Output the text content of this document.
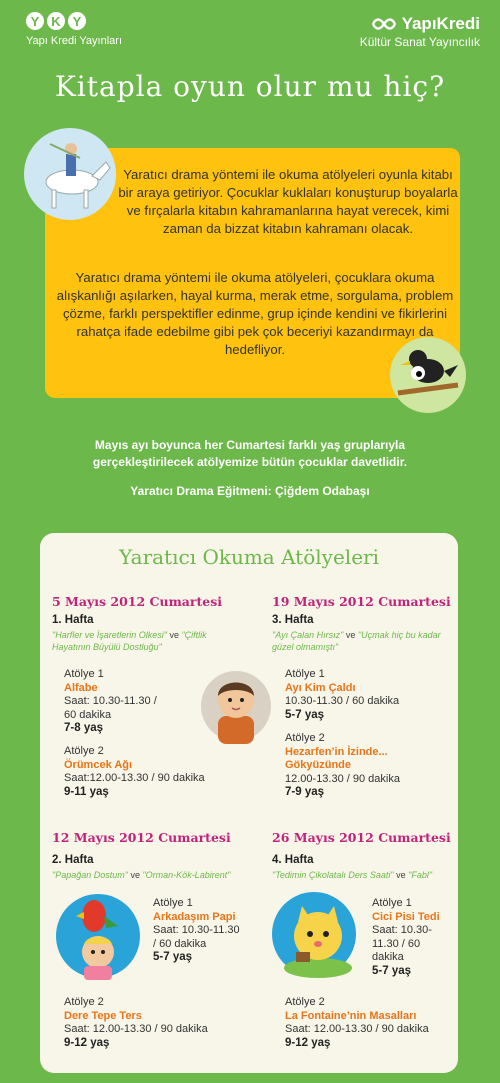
Y K Y
Yapı Kredi Yayınları
YapıKredi
Kültür Sanat Yayıncılık
Kitapla oyun olur mu hiç?
Yaratıcı drama yöntemi ile okuma atölyeleri oyunla kitabı bir araya getiriyor. Çocuklar kuklaları konuşturup boyalarla ve fırçalarla kitabın kahramanlarına hayat verecek, kimi zaman da bizzat kitabın kahramanı olacak.
Yaratıcı drama yöntemi ile okuma atölyeleri, çocuklara okuma alışkanlığı aşılarken, hayal kurma, merak etme, sorgulama, problem çözme, farklı perspektifler edinme, grup içinde kendini ve fikirlerini rahatça ifade edebilme gibi pek çok beceriyi kazandırmayı da hedefliyor.
Mayıs ayı boyunca her Cumartesi farklı yaş gruplarıyla
gerçekleştirilecek atölyemize bütün çocuklar davetlidir.
Yaratıcı Drama Eğitmeni: Çiğdem Odabaşı
Yaratıcı Okuma Atölyeleri
5 Mayıs 2012 Cumartesi
1. Hafta
"Harfler ve İşaretlerin Olkesi" ve "Çiftlik
Hayatının Büyülü Dostluğu"
Atölye 1
Alfabe
Saat: 10.30-11.30 /
60 dakika
7-8 yaş
Atölye 2
Örümcek Ağı
Saat:12.00-13.30 / 90 dakika
9-11 yaş
19 Mayıs 2012 Cumartesi
3. Hafta
"Ayı Çalan Hırsız" ve "Uçmak hiç bu kadar
güzel olmamıştı"
Atölye 1
Ayı Kim Çaldı
10.30-11.30 / 60 dakika
5-7 yaş
Atölye 2
Hezarfen’in İzinde...
Gökyüzünde
12.00-13.30 / 90 dakika
7-9 yaş
12 Mayıs 2012 Cumartesi
2. Hafta
"Papağan Dostum" ve "Orman-Kök-Labirent"
Atölye 1
Arkadaşım Papi
Saat: 10.30-11.30
/ 60 dakika
5-7 yaş
Atölye 2
Dere Tepe Ters
Saat: 12.00-13.30 / 90 dakika
9-12 yaş
26 Mayıs 2012 Cumartesi
4. Hafta
"Tedimin Çikolatalı Ders Saati" ve "Fabl"
Atölye 1
Cici Pisi Tedi
Saat: 10.30-
11.30 / 60
dakika
5-7 yaş
Atölye 2
La Fontaine’nin Masalları
Saat: 12.00-13.30 / 90 dakika
9-12 yaş
